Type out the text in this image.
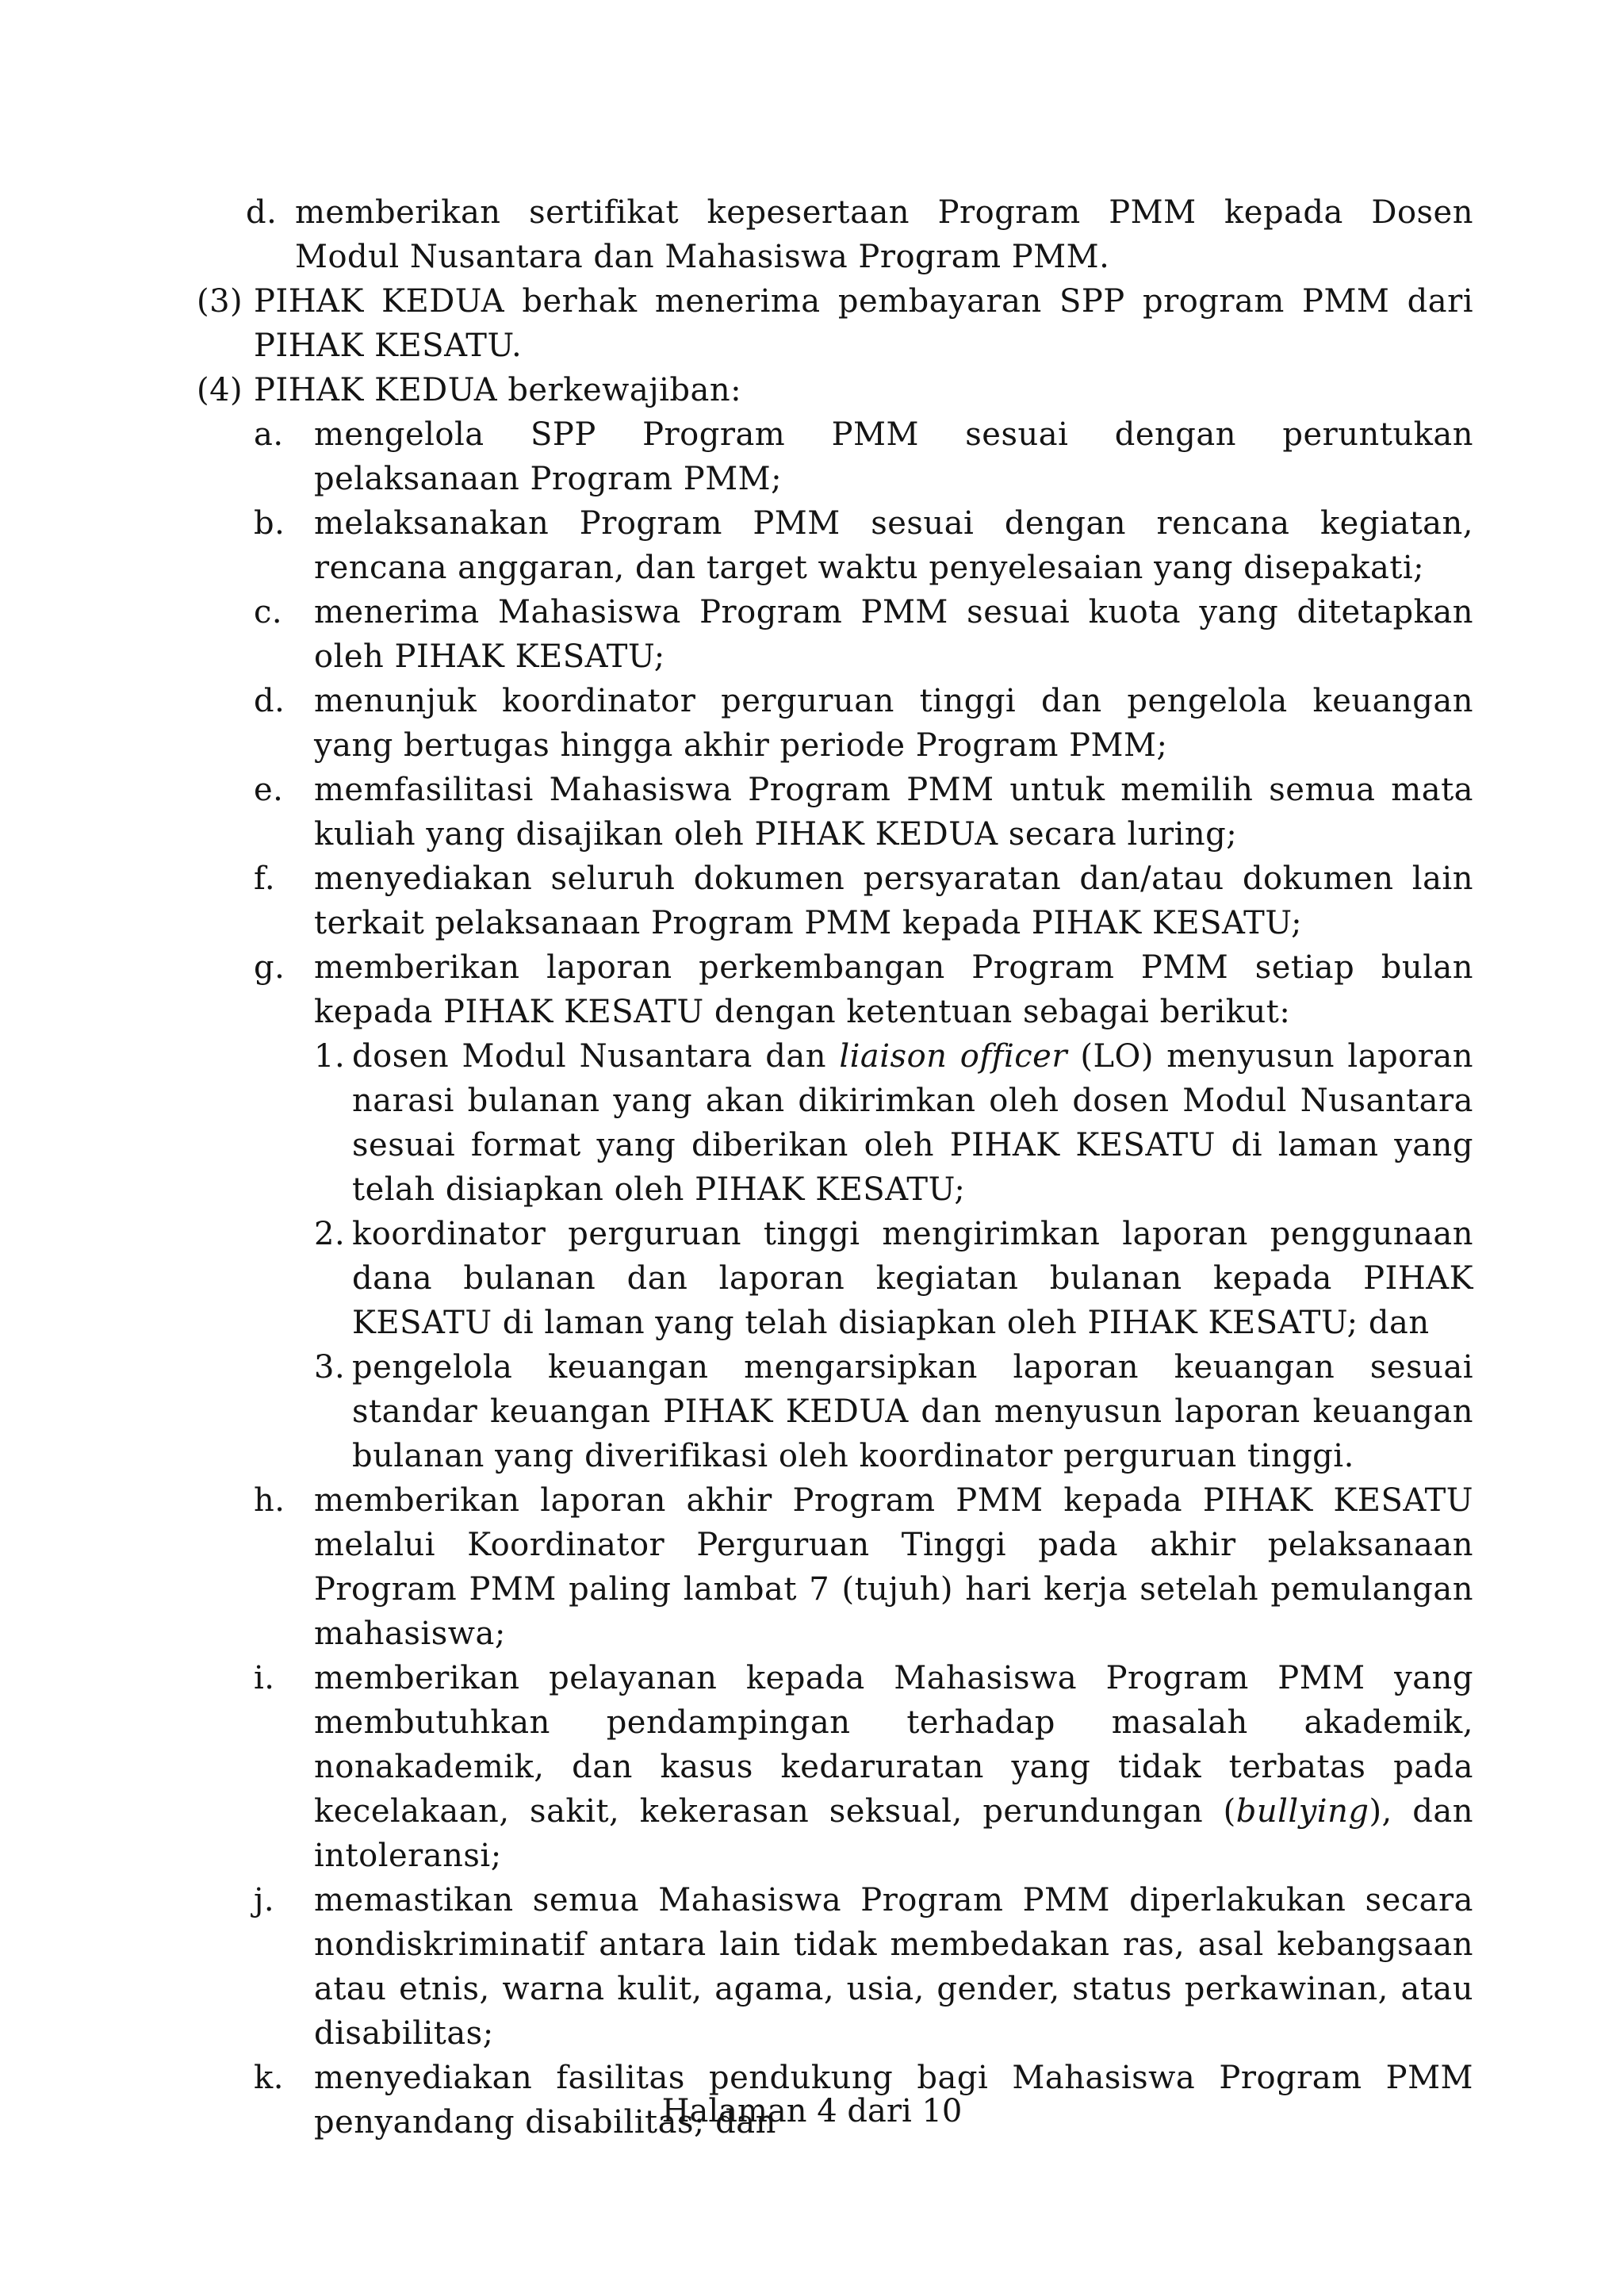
d. memberikan sertifikat kepesertaan Program PMM kepada Dosen Modul Nusantara dan Mahasiswa Program PMM.
(3) PIHAK KEDUA berhak menerima pembayaran SPP program PMM dari PIHAK KESATU.
(4) PIHAK KEDUA berkewajiban:
a. mengelola SPP Program PMM sesuai dengan peruntukan pelaksanaan Program PMM;
b. melaksanakan Program PMM sesuai dengan rencana kegiatan, rencana anggaran, dan target waktu penyelesaian yang disepakati;
c. menerima Mahasiswa Program PMM sesuai kuota yang ditetapkan oleh PIHAK KESATU;
d. menunjuk koordinator perguruan tinggi dan pengelola keuangan yang bertugas hingga akhir periode Program PMM;
e. memfasilitasi Mahasiswa Program PMM untuk memilih semua mata kuliah yang disajikan oleh PIHAK KEDUA secara luring;
f. menyediakan seluruh dokumen persyaratan dan/atau dokumen lain terkait pelaksanaan Program PMM kepada PIHAK KESATU;
g. memberikan laporan perkembangan Program PMM setiap bulan kepada PIHAK KESATU dengan ketentuan sebagai berikut:
1. dosen Modul Nusantara dan liaison officer (LO) menyusun laporan narasi bulanan yang akan dikirimkan oleh dosen Modul Nusantara sesuai format yang diberikan oleh PIHAK KESATU di laman yang telah disiapkan oleh PIHAK KESATU;
2. koordinator perguruan tinggi mengirimkan laporan penggunaan dana bulanan dan laporan kegiatan bulanan kepada PIHAK KESATU di laman yang telah disiapkan oleh PIHAK KESATU; dan
3. pengelola keuangan mengarsipkan laporan keuangan sesuai standar keuangan PIHAK KEDUA dan menyusun laporan keuangan bulanan yang diverifikasi oleh koordinator perguruan tinggi.
h. memberikan laporan akhir Program PMM kepada PIHAK KESATU melalui Koordinator Perguruan Tinggi pada akhir pelaksanaan Program PMM paling lambat 7 (tujuh) hari kerja setelah pemulangan mahasiswa;
i. memberikan pelayanan kepada Mahasiswa Program PMM yang membutuhkan pendampingan terhadap masalah akademik, nonakademik, dan kasus kedaruratan yang tidak terbatas pada kecelakaan, sakit, kekerasan seksual, perundungan (bullying), dan intoleransi;
j. memastikan semua Mahasiswa Program PMM diperlakukan secara nondiskriminatif antara lain tidak membedakan ras, asal kebangsaan atau etnis, warna kulit, agama, usia, gender, status perkawinan, atau disabilitas;
k. menyediakan fasilitas pendukung bagi Mahasiswa Program PMM penyandang disabilitas; dan
Halaman 4 dari 10
